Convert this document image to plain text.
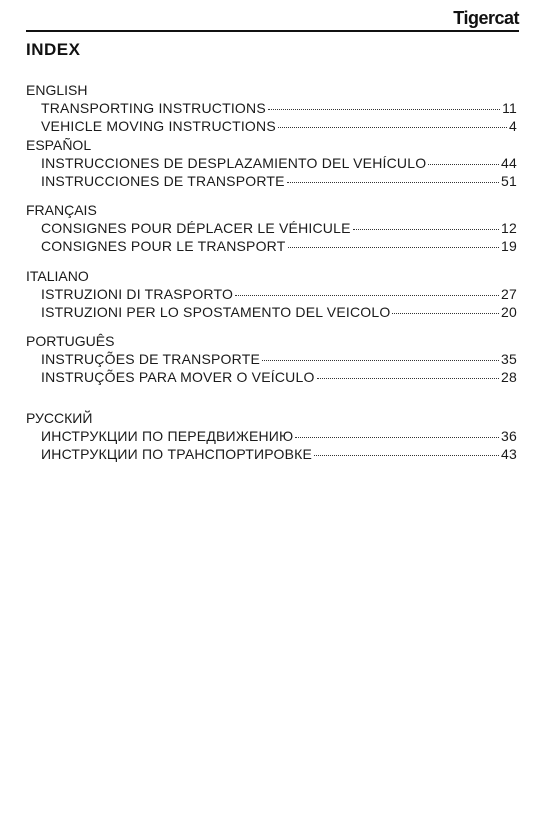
Tigercat
INDEX
ENGLISH
TRANSPORTING INSTRUCTIONS	11
VEHICLE MOVING INSTRUCTIONS	4
ESPAÑOL
INSTRUCCIONES DE DESPLAZAMIENTO DEL VEHÍCULO	44
INSTRUCCIONES DE TRANSPORTE	51
FRANÇAIS
CONSIGNES POUR DÉPLACER LE VÉHICULE	12
CONSIGNES POUR LE TRANSPORT	19
ITALIANO
ISTRUZIONI DI TRASPORTO	27
ISTRUZIONI PER LO SPOSTAMENTO DEL VEICOLO	20
PORTUGUÊS
INSTRUÇÕES DE TRANSPORTE	35
INSTRUÇÕES PARA MOVER O VEÍCULO	28
РУССКИЙ
ИНСТРУКЦИИ ПО ПЕРЕДВИЖЕНИЮ	36
ИНСТРУКЦИИ ПО ТРАНСПОРТИРОВКЕ	43
